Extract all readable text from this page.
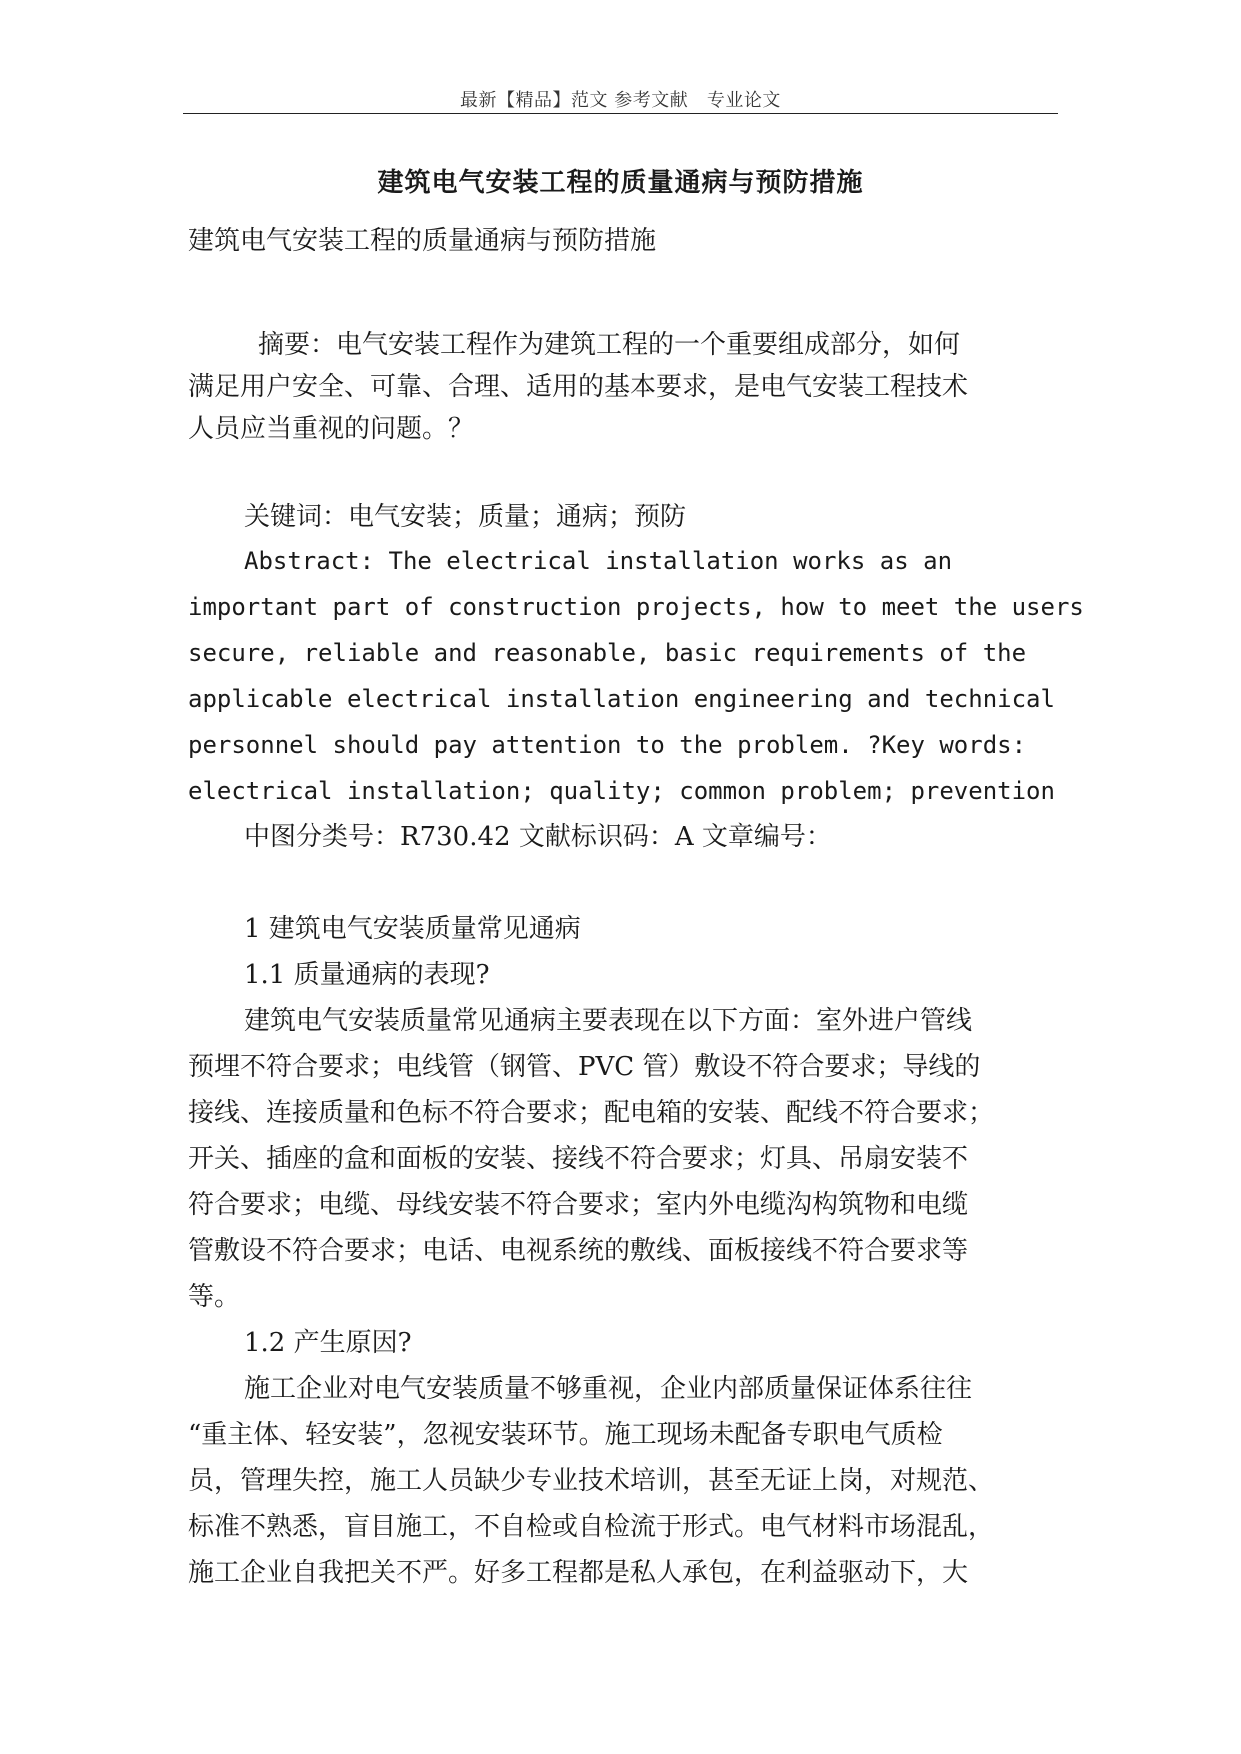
最新【精品】范文 参考文献   专业论文
建筑电气安装工程的质量通病与预防措施
建筑电气安装工程的质量通病与预防措施
摘要：电气安装工程作为建筑工程的一个重要组成部分，如何
满足用户安全、可靠、合理、适用的基本要求，是电气安装工程技术
人员应当重视的问题。？
关键词：电气安装；质量；通病；预防
Abstract: The electrical installation works as an
important part of construction projects, how to meet the users
secure, reliable and reasonable, basic requirements of the
applicable electrical installation engineering and technical
personnel should pay attention to the problem. ?Key words:
electrical installation; quality; common problem; prevention
中图分类号：R730.42 文献标识码：A 文章编号：
1 建筑电气安装质量常见通病
1.1 质量通病的表现?
建筑电气安装质量常见通病主要表现在以下方面：室外进户管线
预埋不符合要求；电线管（钢管、PVC 管）敷设不符合要求；导线的
接线、连接质量和色标不符合要求；配电箱的安装、配线不符合要求；
开关、插座的盒和面板的安装、接线不符合要求；灯具、吊扇安装不
符合要求；电缆、母线安装不符合要求；室内外电缆沟构筑物和电缆
管敷设不符合要求；电话、电视系统的敷线、面板接线不符合要求等
等。
1.2 产生原因?
施工企业对电气安装质量不够重视，企业内部质量保证体系往往
“重主体、轻安装”，忽视安装环节。施工现场未配备专职电气质检
员，管理失控，施工人员缺少专业技术培训，甚至无证上岗，对规范、
标准不熟悉，盲目施工，不自检或自检流于形式。电气材料市场混乱，
施工企业自我把关不严。好多工程都是私人承包，在利益驱动下，大
